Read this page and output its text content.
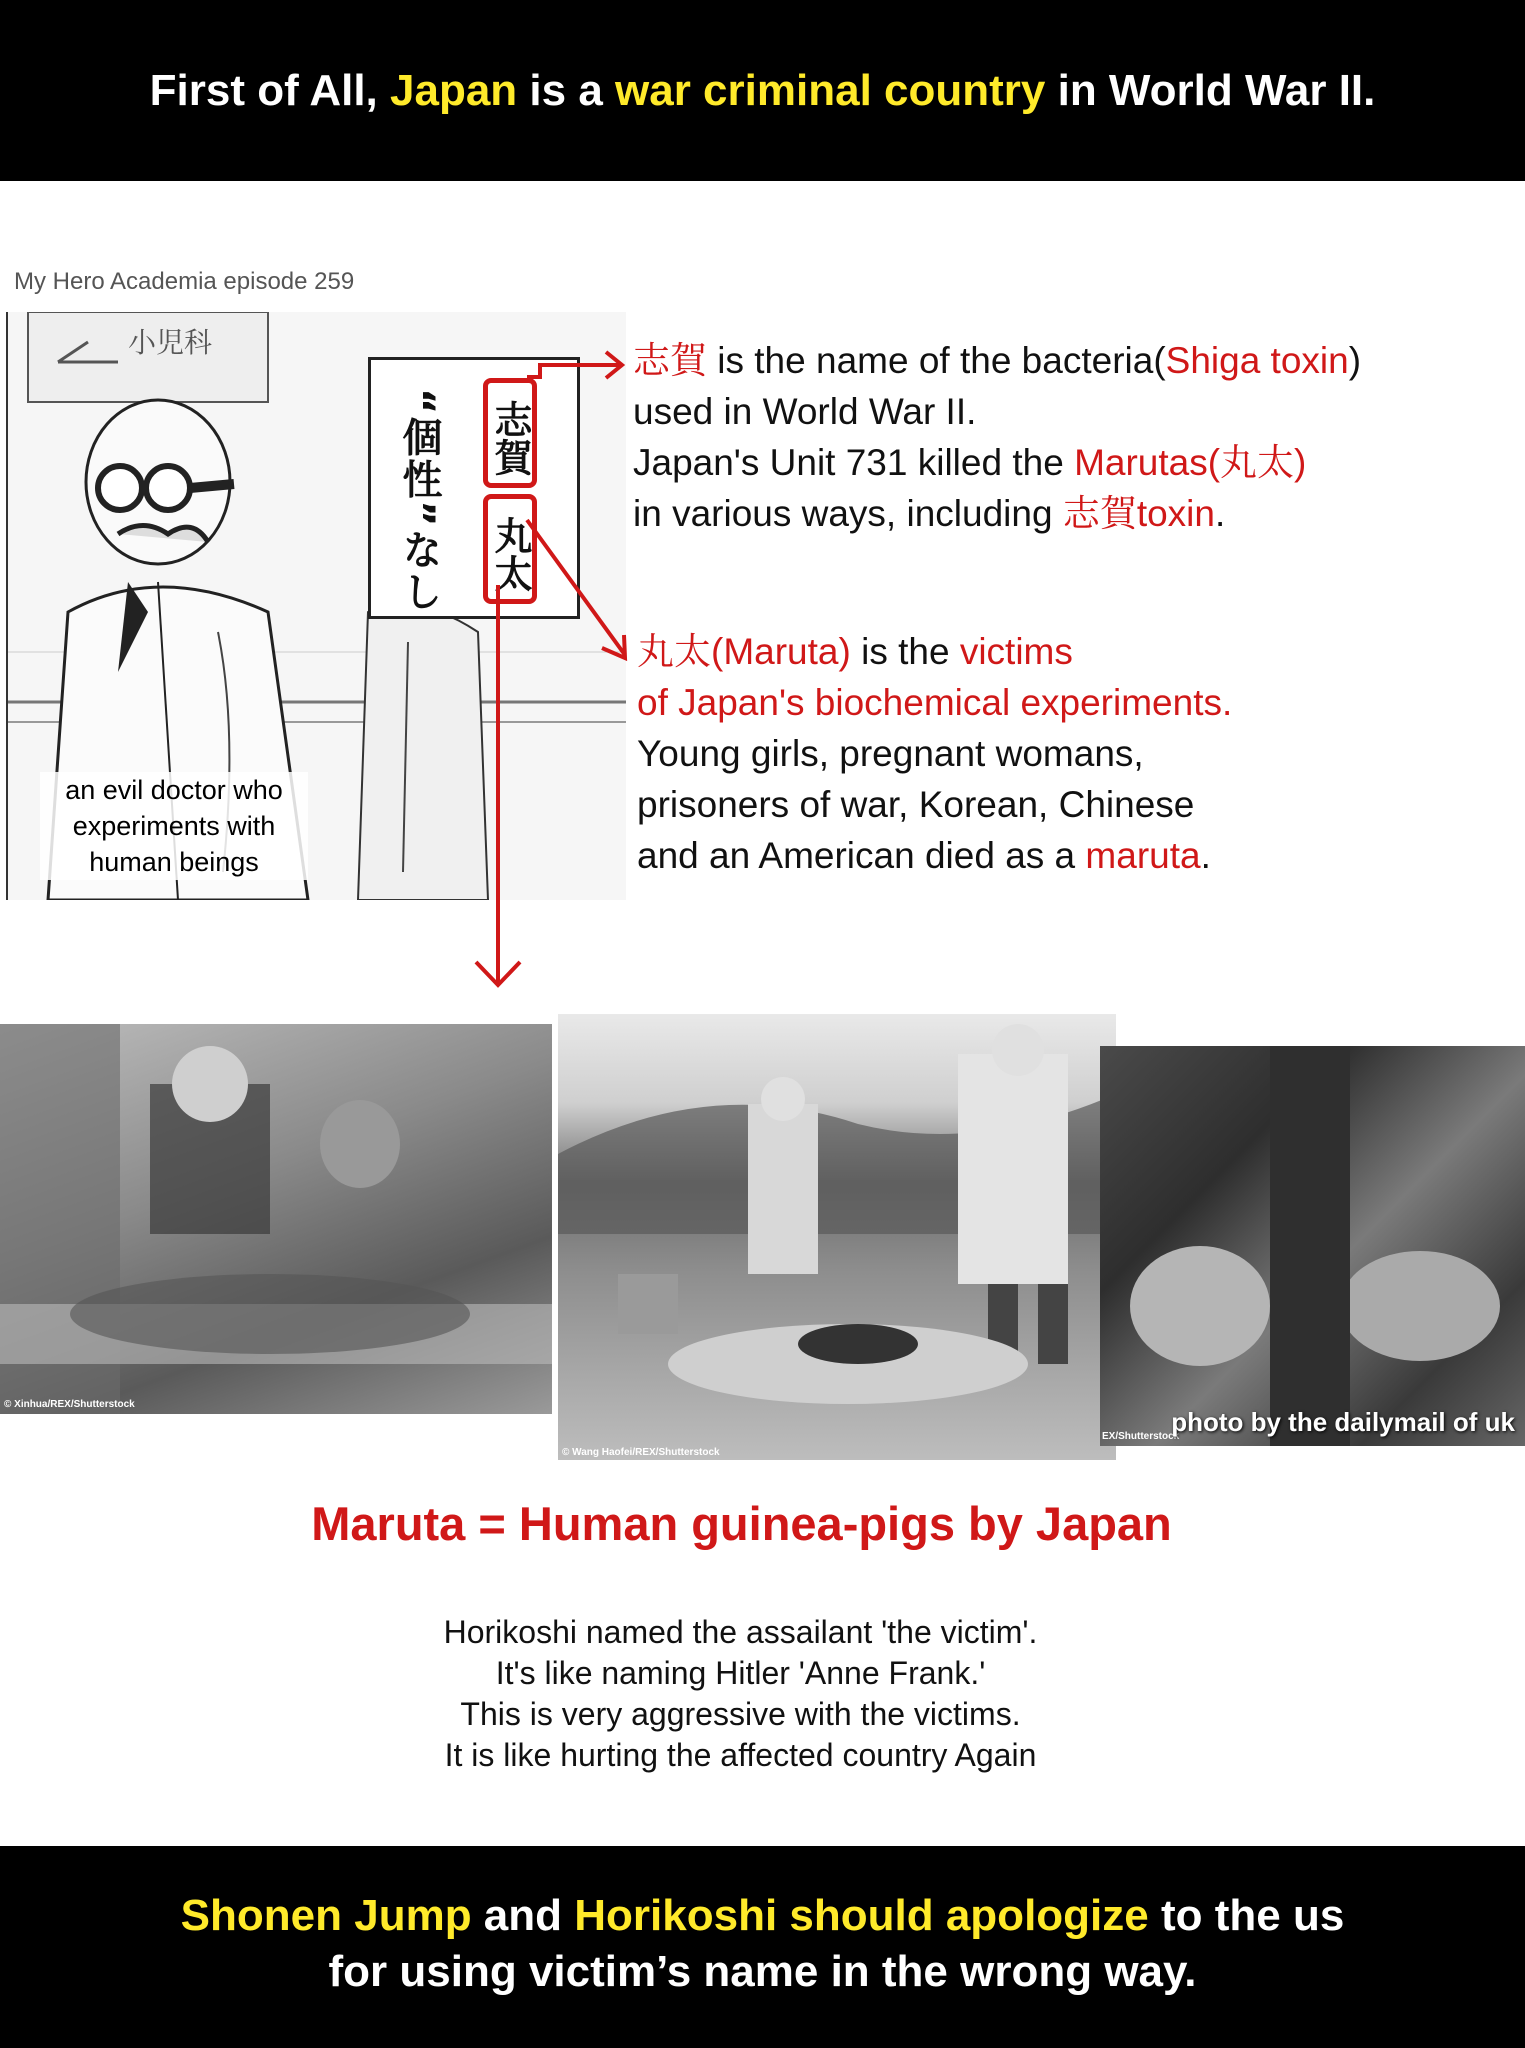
First of All, Japan is a war criminal country in World War II.
My Hero Academia episode 259
小児科
an evil doctor who experiments with human beings
“個性”なし 志賀
丸太
志賀 is the name of the bacteria(Shiga toxin)
used in World War II.
Japan's Unit 731 killed the Marutas(丸太)
in various ways, including 志賀toxin.
丸太(Maruta) is the victims
of Japan's biochemical experiments.
Young girls, pregnant womans,
prisoners of war, Korean, Chinese
and an American died as a maruta.
© Xinhua/REX/Shutterstock
© Wang Haofei/REX/Shutterstock
EX/Shutterstock
photo by the dailymail of uk
Maruta = Human guinea-pigs by Japan
Horikoshi named the assailant 'the victim'.
It's like naming Hitler 'Anne Frank.'
This is very aggressive with the victims.
It is like hurting the affected country Again
Shonen Jump and Horikoshi should apologize to the us
for using victim’s name in the wrong way.
